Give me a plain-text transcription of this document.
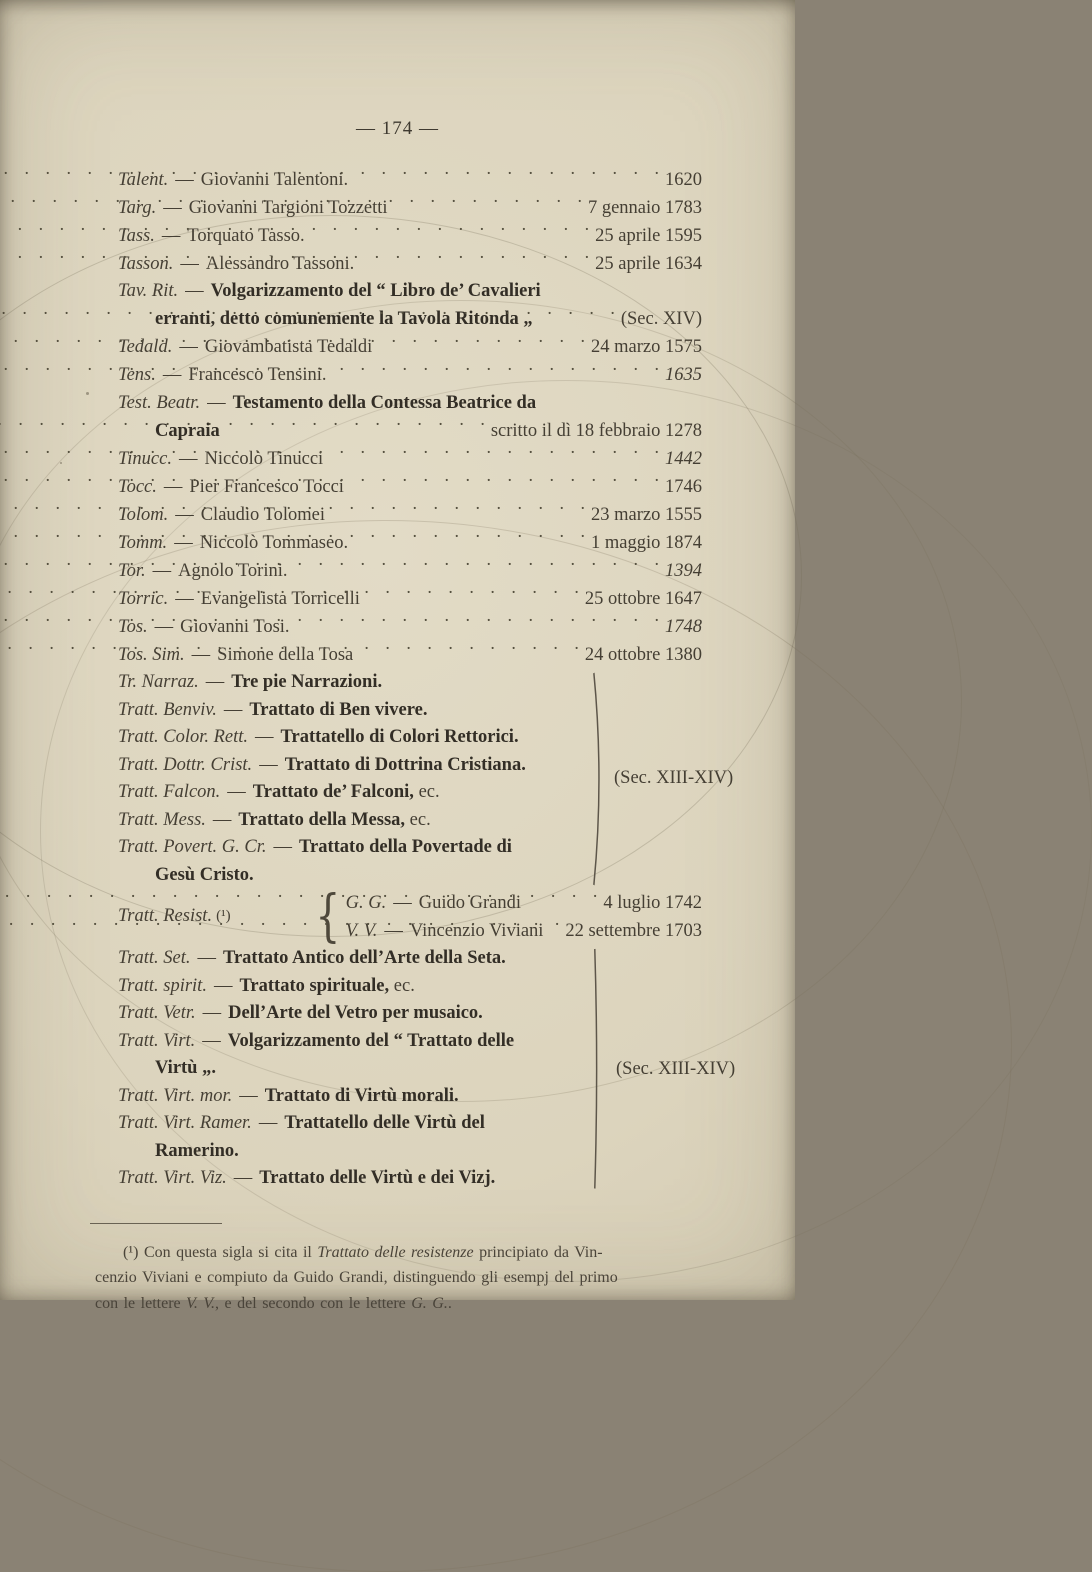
— 174 —
Talent. — Giovanni Talentoni. . . .	1620
Targ. — Giovanni Targioni Tozzetti . . .	7 gennaio 1783
Tass. — Torquato Tasso. . . .	25 aprile 1595
Tasson. — Alessandro Tassoni. . . .	25 aprile 1634
Tav. Rit. — Volgarizzamento del “ Libro de’ Cavalieri
erranti, detto comunemente la Tavola Ritonda „ . . .	(Sec. XIV)
Tedald. — Giovambatista Tedaldi . . .	24 marzo 1575
Tens. — Francesco Tensini. . . .	1635
Test. Beatr. — Testamento della Contessa Beatrice da
Capraia . . .	scritto il dì 18 febbraio 1278
Tinucc. — Niccolò Tinucci . . .	1442
Tocc. — Pier Francesco Tocci . . .	1746
Tolom. — Claudio Tolomei . . .	23 marzo 1555
Tomm. — Niccolò Tommaseo. . . .	1 maggio 1874
Tor. — Agnolo Torini. . . .	1394
Torric. — Evangelista Torricelli . . .	25 ottobre 1647
Tos. — Giovanni Tosi. . . .	1748
Tos. Sim. — Simone della Tosa . . .	24 ottobre 1380
Tr. Narraz. — Tre pie Narrazioni.
Tratt. Benviv. — Trattato di Ben vivere.
Tratt. Color. Rett. — Trattatello di Colori Rettorici.
Tratt. Dottr. Crist. — Trattato di Dottrina Cristiana.
Tratt. Falcon. — Trattato de’ Falconi, ec.
Tratt. Mess. — Trattato della Messa, ec.
Tratt. Povert. G. Cr. — Trattato della Povertade di
Gesù Cristo.
(Sec. XIII-XIV)
Tratt. Resist. (¹)
{
G. G. — Guido Grandi . . .	4 luglio 1742
V. V. — Vincenzio Viviani . . . 22 settembre 1703
Tratt. Set. — Trattato Antico dell’Arte della Seta.
Tratt. spirit. — Trattato spirituale, ec.
Tratt. Vetr. — Dell’Arte del Vetro per musaico.
Tratt. Virt. — Volgarizzamento del “ Trattato delle
Virtù „.
Tratt. Virt. mor. — Trattato di Virtù morali.
Tratt. Virt. Ramer. — Trattatello delle Virtù del
Ramerino.
Tratt. Virt. Viz. — Trattato delle Virtù e dei Vizj.
(Sec. XIII-XIV)
(¹) Con questa sigla si cita il Trattato delle resistenze principiato da Vin-
cenzio Viviani e compiuto da Guido Grandi, distinguendo gli esempj del primo
con le lettere V. V., e del secondo con le lettere G. G..
